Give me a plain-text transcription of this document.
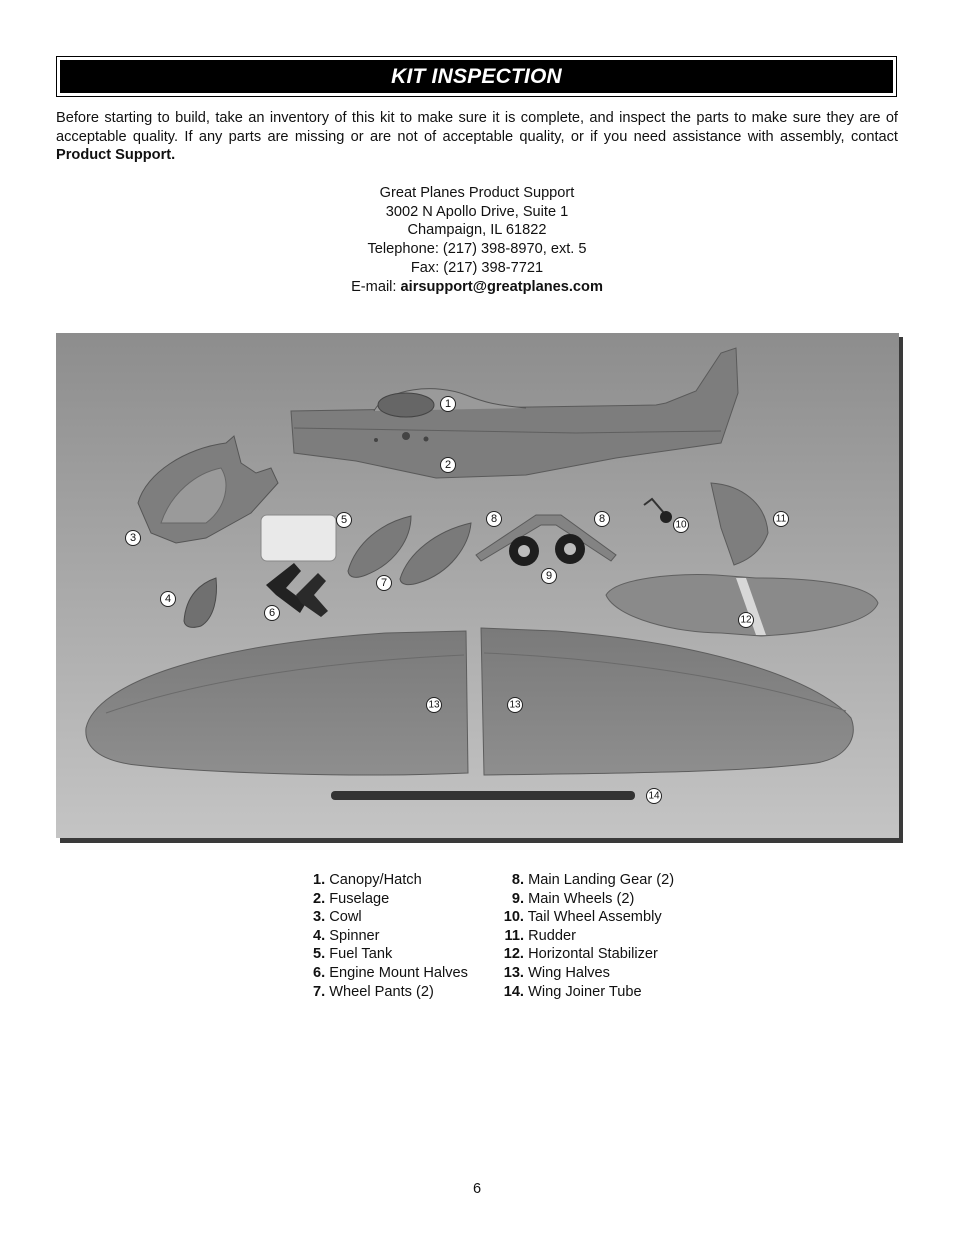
KIT INSPECTION

Before starting to build, take an inventory of this kit to make sure it is complete, and inspect the parts to make sure they are of acceptable quality. If any parts are missing or are not of acceptable quality, or if you need assistance with assembly, contact Product Support.

Great Planes Product Support
3002 N Apollo Drive, Suite 1
Champaign, IL 61822
Telephone: (217) 398-8970, ext. 5
Fax: (217) 398-7721
E-mail: airsupport@greatplanes.com
1
2
3
4
5
6
7
8	8
9
10
11
12
13	13
14
1. Canopy/Hatch
2. Fuselage
3. Cowl
4. Spinner
5. Fuel Tank
6. Engine Mount Halves
7. Wheel Pants (2)
8. Main Landing Gear (2)
9. Main Wheels (2)
10. Tail Wheel Assembly
11. Rudder
12. Horizontal Stabilizer
13. Wing Halves
14. Wing Joiner Tube
6
